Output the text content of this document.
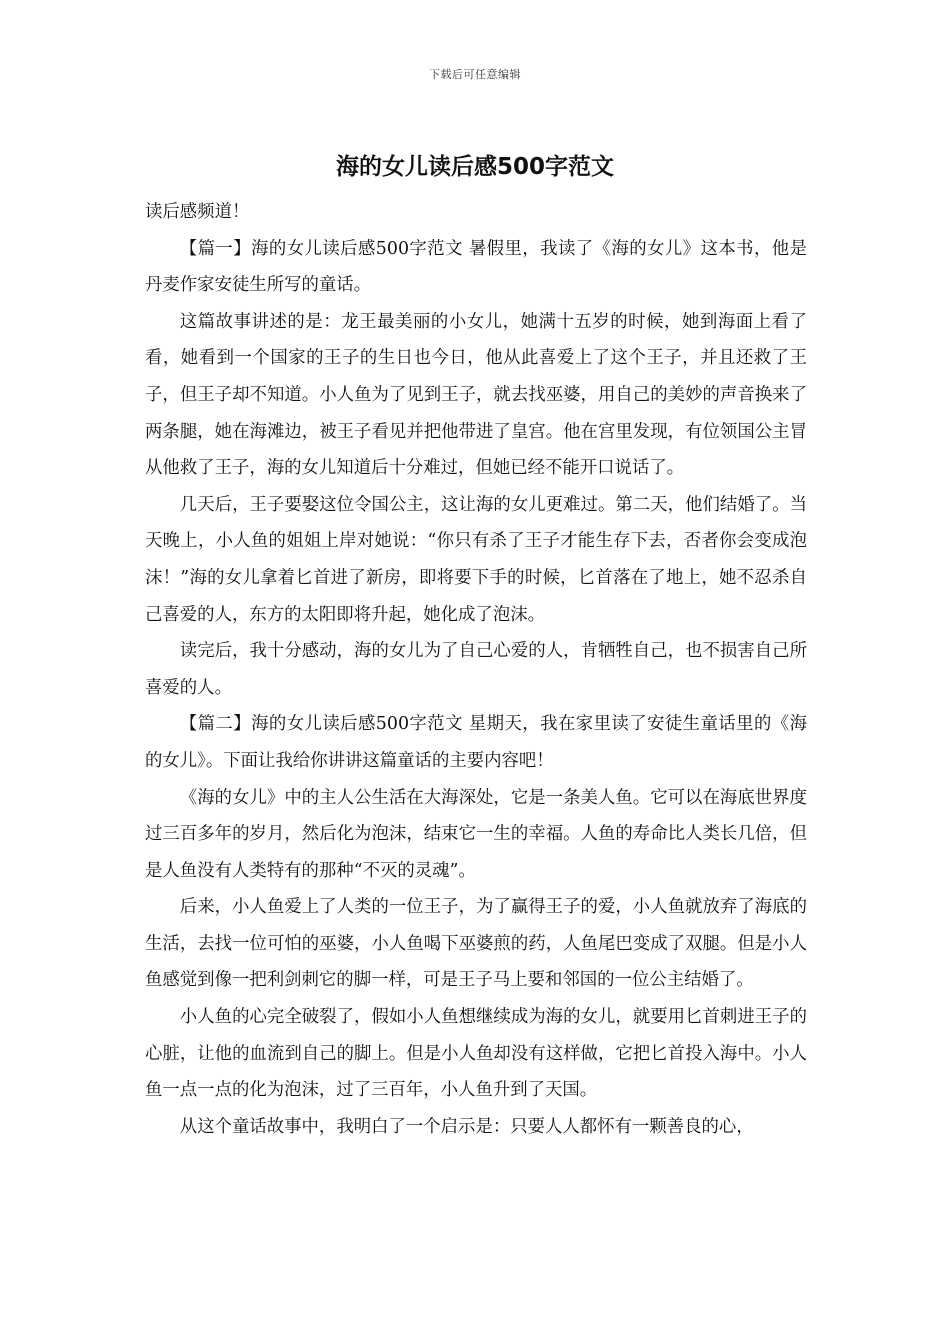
下载后可任意编辑
海的女儿读后感500字范文

读后感频道！

【篇一】海的女儿读后感500字范文 暑假里，我读了《海的女儿》这本书，他是丹麦作家安徒生所写的童话。

这篇故事讲述的是：龙王最美丽的小女儿，她满十五岁的时候，她到海面上看了看，她看到一个国家的王子的生日也今日，他从此喜爱上了这个王子，并且还救了王子，但王子却不知道。小人鱼为了见到王子，就去找巫婆，用自己的美妙的声音换来了两条腿，她在海滩边，被王子看见并把他带进了皇宫。他在宫里发现，有位领国公主冒从他救了王子，海的女儿知道后十分难过，但她已经不能开口说话了。

几天后，王子要娶这位令国公主，这让海的女儿更难过。第二天，他们结婚了。当天晚上，小人鱼的姐姐上岸对她说：“你只有杀了王子才能生存下去，否者你会变成泡沫！”海的女儿拿着匕首进了新房，即将要下手的时候，匕首落在了地上，她不忍杀自己喜爱的人，东方的太阳即将升起，她化成了泡沫。

读完后，我十分感动，海的女儿为了自己心爱的人，肯牺牲自己，也不损害自己所喜爱的人。

【篇二】海的女儿读后感500字范文 星期天，我在家里读了安徒生童话里的《海的女儿》。下面让我给你讲讲这篇童话的主要内容吧！

《海的女儿》中的主人公生活在大海深处，它是一条美人鱼。它可以在海底世界度过三百多年的岁月，然后化为泡沫，结束它一生的幸福。人鱼的寿命比人类长几倍，但是人鱼没有人类特有的那种“不灭的灵魂”。

后来，小人鱼爱上了人类的一位王子，为了赢得王子的爱，小人鱼就放弃了海底的生活，去找一位可怕的巫婆，小人鱼喝下巫婆煎的药，人鱼尾巴变成了双腿。但是小人鱼感觉到像一把利剑刺它的脚一样，可是王子马上要和邻国的一位公主结婚了。

小人鱼的心完全破裂了，假如小人鱼想继续成为海的女儿，就要用匕首刺进王子的心脏，让他的血流到自己的脚上。但是小人鱼却没有这样做，它把匕首投入海中。小人鱼一点一点的化为泡沫，过了三百年，小人鱼升到了天国。

从这个童话故事中，我明白了一个启示是：只要人人都怀有一颗善良的心，
